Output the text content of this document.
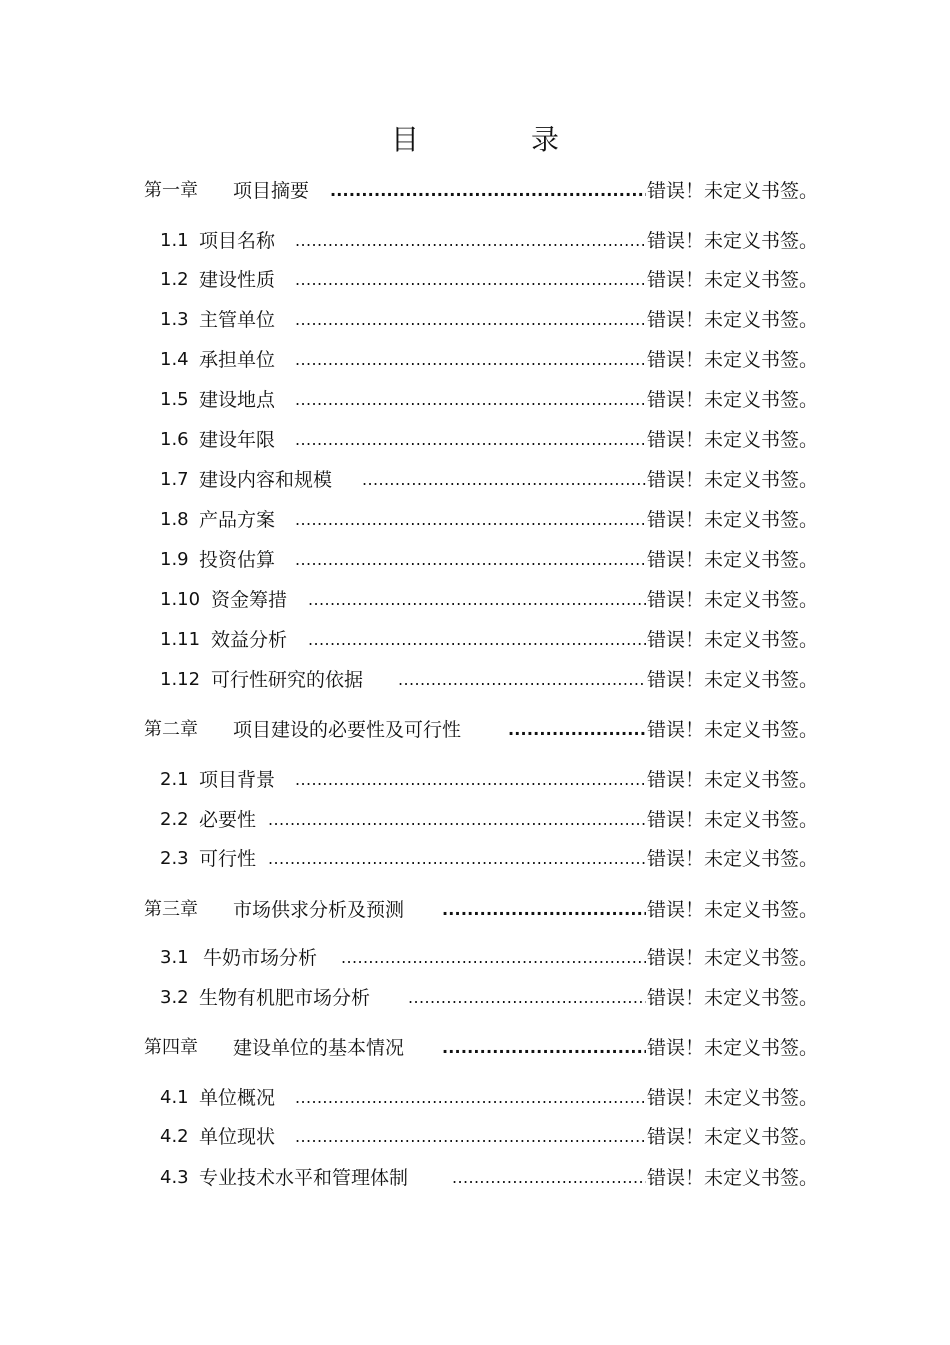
目	录
第一章 项目摘要 .....	错误！未定义书签。
1.1 项目名称 .....	错误！未定义书签。
1.2 建设性质 .....	错误！未定义书签。
1.3 主管单位 .....	错误！未定义书签。
1.4 承担单位 .....	错误！未定义书签。
1.5 建设地点 .....	错误！未定义书签。
1.6 建设年限 .....	错误！未定义书签。
1.7 建设内容和规模 .....	错误！未定义书签。
1.8 产品方案 .....	错误！未定义书签。
1.9 投资估算 .....	错误！未定义书签。
1.10 资金筹措 .....	错误！未定义书签。
1.11 效益分析 .....	错误！未定义书签。
1.12 可行性研究的依据 .....	错误！未定义书签。
第二章 项目建设的必要性及可行性 .....	错误！未定义书签。
2.1 项目背景 .....	错误！未定义书签。
2.2 必要性 .....	错误！未定义书签。
2.3 可行性 .....	错误！未定义书签。
第三章 市场供求分析及预测 .....	错误！未定义书签。
3.1 牛奶市场分析 .....	错误！未定义书签。
3.2 生物有机肥市场分析 .....	错误！未定义书签。
第四章 建设单位的基本情况 .....	错误！未定义书签。
4.1 单位概况 .....	错误！未定义书签。
4.2 单位现状 .....	错误！未定义书签。
4.3 专业技术水平和管理体制 .....	错误！未定义书签。
